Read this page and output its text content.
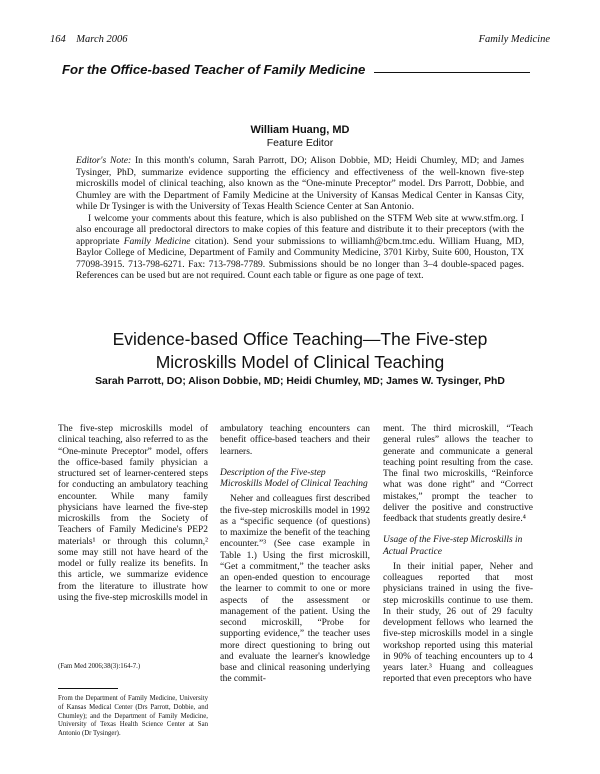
164 March 2006	Family Medicine
For the Office-based Teacher of Family Medicine
William Huang, MD
Feature Editor

Editor's Note: In this month's column, Sarah Parrott, DO; Alison Dobbie, MD; Heidi Chumley, MD; and James Tysinger, PhD, summarize evidence supporting the efficiency and effectiveness of the well-known five-step microskills model of clinical teaching, also known as the “One-minute Preceptor” model. Drs Parrott, Dobbie, and Chumley are with the Department of Family Medicine at the University of Kansas Medical Center in Kansas City, while Dr Tysinger is with the University of Texas Health Science Center at San Antonio.

I welcome your comments about this feature, which is also published on the STFM Web site at www.stfm.org. I also encourage all predoctoral directors to make copies of this feature and distribute it to their preceptors (with the appropriate Family Medicine citation). Send your submissions to williamh@bcm.tmc.edu. William Huang, MD, Baylor College of Medicine, Department of Family and Community Medicine, 3701 Kirby, Suite 600, Houston, TX 77098-3915. 713-798-6271. Fax: 713-798-7789. Submissions should be no longer than 3–4 double-spaced pages. References can be used but are not required. Count each table or figure as one page of text.

Evidence-based Office Teaching—The Five-step
Microskills Model of Clinical Teaching
Sarah Parrott, DO; Alison Dobbie, MD; Heidi Chumley, MD; James W. Tysinger, PhD

The five-step microskills model of clinical teaching, also referred to as the “One-minute Preceptor” model, offers the office-based family physician a structured set of learner-centered steps for conducting an ambulatory teaching encounter. While many family physicians have learned the five-step microskills from the Society of Teachers of Family Medicine's PEP2 materials¹ or through this column,² some may still not have heard of the model or fully realize its benefits. In this article, we summarize evidence from the literature to illustrate how using the five-step microskills model in

ambulatory teaching encounters can benefit office-based teachers and their learners.

Description of the Five-step Microskills Model of Clinical Teaching

Neher and colleagues first described the five-step microskills model in 1992 as a “specific sequence (of questions) to maximize the benefit of the teaching encounter.”³ (See case example in Table 1.) Using the first microskill, “Get a commitment,” the teacher asks an open-ended question to encourage the learner to commit to one or more aspects of the assessment or management of the patient. Using the second microskill, “Probe for supporting evidence,” the teacher uses more direct questioning to bring out and evaluate the learner's knowledge base and clinical reasoning underlying the commit-

ment. The third microskill, “Teach general rules” allows the teacher to generate and communicate a general teaching point resulting from the case. The final two microskills, “Reinforce what was done right” and “Correct mistakes,” prompt the teacher to deliver the positive and constructive feedback that students greatly desire.⁴

Usage of the Five-step Microskills in Actual Practice

In their initial paper, Neher and colleagues reported that most physicians trained in using the five-step microskills continue to use them. In their study, 26 out of 29 faculty development fellows who learned the five-step microskills model in a single workshop reported using this material in 90% of teaching encounters up to 4 years later.³ Huang and colleagues reported that even preceptors who have

(Fam Med 2006;38(3):164-7.)
From the Department of Family Medicine, University of Kansas Medical Center (Drs Parrott, Dobbie, and Chumley); and the Department of Family Medicine, University of Texas Health Science Center at San Antonio (Dr Tysinger).
